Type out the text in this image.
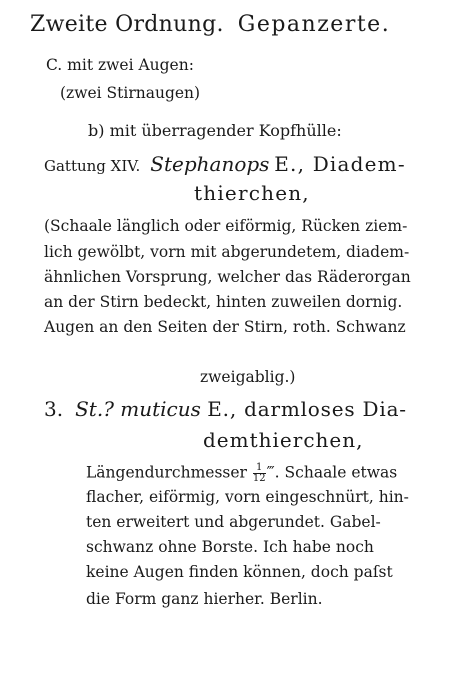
Zweite Ordnung. Gepanzerte.
C. mit zwei Augen:
(zwei Stirnaugen)
b) mit überragender Kopfhülle:
Gattung XIV. Stephanops E., Diadem-
thierchen,
(Schaale länglich oder eiförmig, Rücken ziem-
lich gewölbt, vorn mit abgerundetem, diadem-
ähnlichen Vorsprung, welcher das Räderorgan
an der Stirn bedeckt, hinten zuweilen dornig.
Augen an den Seiten der Stirn, roth. Schwanz
zweigablig.)
3. St.? muticus E., darmloses Dia-
demthierchen,
Längendurchmesser $\frac{1}{12}$ ‴. Schaale etwas
flacher, eiförmig, vorn eingeschnürt, hin-
ten erweitert und abgerundet. Gabel-
schwanz ohne Borste. Ich habe noch
keine Augen finden können, doch paſst
die Form ganz hierher. Berlin.
